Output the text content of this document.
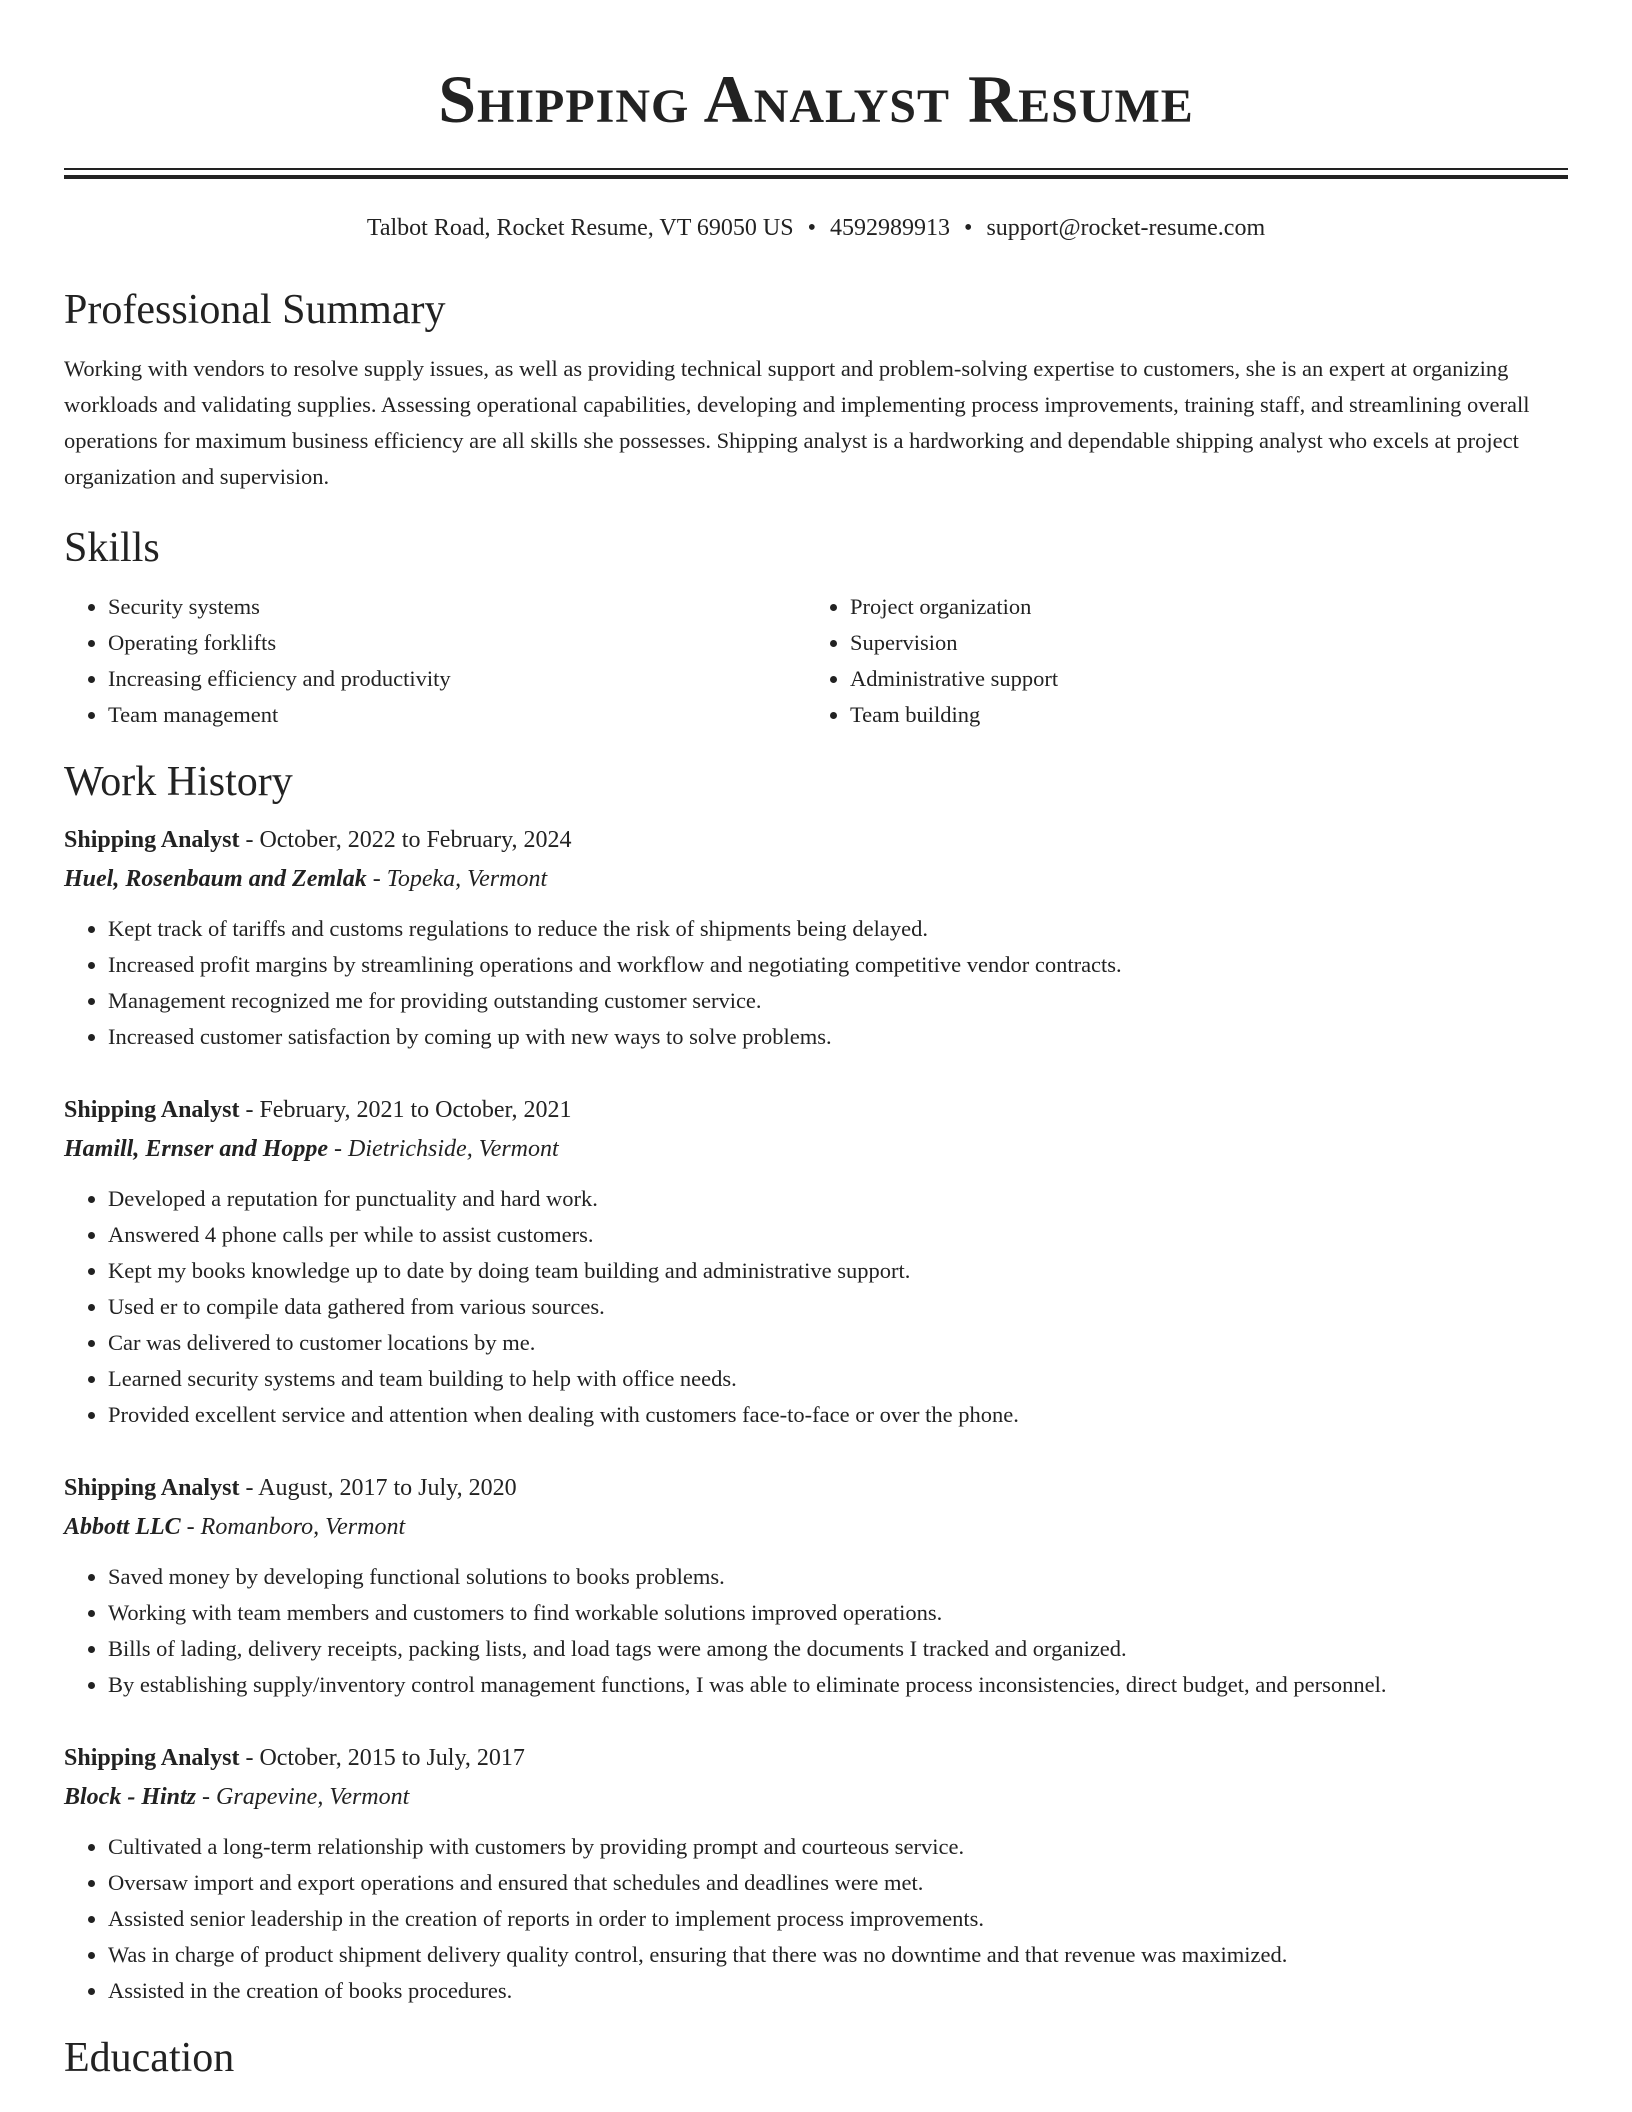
Shipping Analyst Resume
Talbot Road, Rocket Resume, VT 69050 US • 4592989913 • support@rocket-resume.com
Professional Summary
Working with vendors to resolve supply issues, as well as providing technical support and problem-solving expertise to customers, she is an expert at organizing workloads and validating supplies. Assessing operational capabilities, developing and implementing process improvements, training staff, and streamlining overall operations for maximum business efficiency are all skills she possesses. Shipping analyst is a hardworking and dependable shipping analyst who excels at project organization and supervision.
Skills
• Security systems
• Operating forklifts
• Increasing efficiency and productivity
• Team management
• Project organization
• Supervision
• Administrative support
• Team building
Work History
Shipping Analyst - October, 2022 to February, 2024
Huel, Rosenbaum and Zemlak - Topeka, Vermont
• Kept track of tariffs and customs regulations to reduce the risk of shipments being delayed.
• Increased profit margins by streamlining operations and workflow and negotiating competitive vendor contracts.
• Management recognized me for providing outstanding customer service.
• Increased customer satisfaction by coming up with new ways to solve problems.
Shipping Analyst - February, 2021 to October, 2021
Hamill, Ernser and Hoppe - Dietrichside, Vermont
• Developed a reputation for punctuality and hard work.
• Answered 4 phone calls per while to assist customers.
• Kept my books knowledge up to date by doing team building and administrative support.
• Used er to compile data gathered from various sources.
• Car was delivered to customer locations by me.
• Learned security systems and team building to help with office needs.
• Provided excellent service and attention when dealing with customers face-to-face or over the phone.
Shipping Analyst - August, 2017 to July, 2020
Abbott LLC - Romanboro, Vermont
• Saved money by developing functional solutions to books problems.
• Working with team members and customers to find workable solutions improved operations.
• Bills of lading, delivery receipts, packing lists, and load tags were among the documents I tracked and organized.
• By establishing supply/inventory control management functions, I was able to eliminate process inconsistencies, direct budget, and personnel.
Shipping Analyst - October, 2015 to July, 2017
Block - Hintz - Grapevine, Vermont
• Cultivated a long-term relationship with customers by providing prompt and courteous service.
• Oversaw import and export operations and ensured that schedules and deadlines were met.
• Assisted senior leadership in the creation of reports in order to implement process improvements.
• Was in charge of product shipment delivery quality control, ensuring that there was no downtime and that revenue was maximized.
• Assisted in the creation of books procedures.
Education
